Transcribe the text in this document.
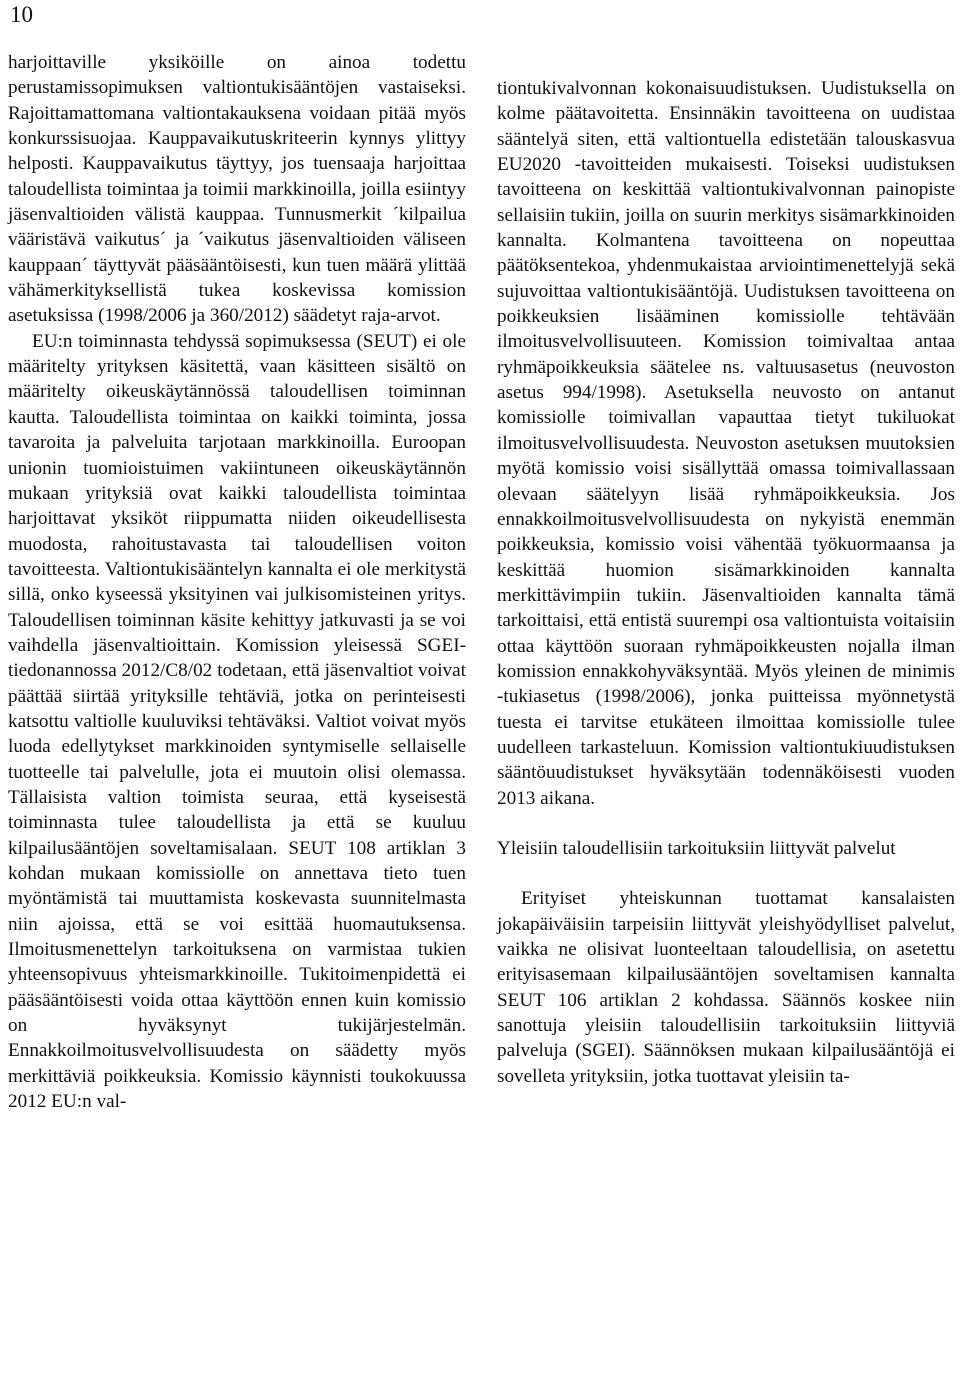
10

harjoittaville yksiköille on ainoa todettu perustamissopimuksen valtiontukisääntöjen vastaiseksi. Rajoittamattomana valtiontakauksena voidaan pitää myös konkurssisuojaa. Kauppavaikutuskriteerin kynnys ylittyy helposti. Kauppavaikutus täyttyy, jos tuensaaja harjoittaa taloudellista toimintaa ja toimii markkinoilla, joilla esiintyy jäsenvaltioiden välistä kauppaa. Tunnusmerkit ´kilpailua vääristävä vaikutus´ ja ´vaikutus jäsenvaltioiden väliseen kauppaan´ täyttyvät pääsääntöisesti, kun tuen määrä ylittää vähämerkityksellistä tukea koskevissa komission asetuksissa (1998/2006 ja 360/2012) säädetyt raja-arvot.

EU:n toiminnasta tehdyssä sopimuksessa (SEUT) ei ole määritelty yrityksen käsitettä, vaan käsitteen sisältö on määritelty oikeuskäytännössä taloudellisen toiminnan kautta. Taloudellista toimintaa on kaikki toiminta, jossa tavaroita ja palveluita tarjotaan markkinoilla. Euroopan unionin tuomioistuimen vakiintuneen oikeuskäytännön mukaan yrityksiä ovat kaikki taloudellista toimintaa harjoittavat yksiköt riippumatta niiden oikeudellisesta muodosta, rahoitustavasta tai taloudellisen voiton tavoitteesta. Valtiontukisääntelyn kannalta ei ole merkitystä sillä, onko kyseessä yksityinen vai julkisomisteinen yritys. Taloudellisen toiminnan käsite kehittyy jatkuvasti ja se voi vaihdella jäsenvaltioittain. Komission yleisessä SGEI-tiedonannossa 2012/C8/02 todetaan, että jäsenvaltiot voivat päättää siirtää yrityksille tehtäviä, jotka on perinteisesti katsottu valtiolle kuuluviksi tehtäväksi. Valtiot voivat myös luoda edellytykset markkinoiden syntymiselle sellaiselle tuotteelle tai palvelulle, jota ei muutoin olisi olemassa. Tällaisista valtion toimista seuraa, että kyseisestä toiminnasta tulee taloudellista ja että se kuuluu kilpailusääntöjen soveltamisalaan. SEUT 108 artiklan 3 kohdan mukaan komissiolle on annettava tieto tuen myöntämistä tai muuttamista koskevasta suunnitelmasta niin ajoissa, että se voi esittää huomautuksensa. Ilmoitusmenettelyn tarkoituksena on varmistaa tukien yhteensopivuus yhteismarkkinoille. Tukitoimenpidettä ei pääsääntöisesti voida ottaa käyttöön ennen kuin komissio on hyväksynyt tukijärjestelmän. Ennakkoilmoitusvelvollisuudesta on säädetty myös merkittäviä poikkeuksia. Komissio käynnisti toukokuussa 2012 EU:n val-

tiontukivalvonnan kokonaisuudistuksen. Uudistuksella on kolme päätavoitetta. Ensinnäkin tavoitteena on uudistaa sääntelyä siten, että valtiontuella edistetään talouskasvua EU2020 -tavoitteiden mukaisesti. Toiseksi uudistuksen tavoitteena on keskittää valtiontukivalvonnan painopiste sellaisiin tukiin, joilla on suurin merkitys sisämarkkinoiden kannalta. Kolmantena tavoitteena on nopeuttaa päätöksentekoa, yhdenmukaistaa arviointimenettelyjä sekä sujuvoittaa valtiontukisääntöjä. Uudistuksen tavoitteena on poikkeuksien lisääminen komissiolle tehtävään ilmoitusvelvollisuuteen. Komission toimivaltaa antaa ryhmäpoikkeuksia säätelee ns. valtuusasetus (neuvoston asetus 994/1998). Asetuksella neuvosto on antanut komissiolle toimivallan vapauttaa tietyt tukiluokat ilmoitusvelvollisuudesta. Neuvoston asetuksen muutoksien myötä komissio voisi sisällyttää omassa toimivallassaan olevaan säätelyyn lisää ryhmäpoikkeuksia. Jos ennakkoilmoitusvelvollisuudesta on nykyistä enemmän poikkeuksia, komissio voisi vähentää työkuormaansa ja keskittää huomion sisämarkkinoiden kannalta merkittävimpiin tukiin. Jäsenvaltioiden kannalta tämä tarkoittaisi, että entistä suurempi osa valtiontuista voitaisiin ottaa käyttöön suoraan ryhmäpoikkeusten nojalla ilman komission ennakkohyväksyntää. Myös yleinen de minimis -tukiasetus (1998/2006), jonka puitteissa myönnetystä tuesta ei tarvitse etukäteen ilmoittaa komissiolle tulee uudelleen tarkasteluun. Komission valtiontukiuudistuksen sääntöuudistukset hyväksytään todennäköisesti vuoden 2013 aikana.

Yleisiin taloudellisiin tarkoituksiin liittyvät palvelut

Erityiset yhteiskunnan tuottamat kansalaisten jokapäiväisiin tarpeisiin liittyvät yleishyödylliset palvelut, vaikka ne olisivat luonteeltaan taloudellisia, on asetettu erityisasemaan kilpailusääntöjen soveltamisen kannalta SEUT 106 artiklan 2 kohdassa. Säännös koskee niin sanottuja yleisiin taloudellisiin tarkoituksiin liittyviä palveluja (SGEI). Säännöksen mukaan kilpailusääntöjä ei sovelleta yrityksiin, jotka tuottavat yleisiin ta-
